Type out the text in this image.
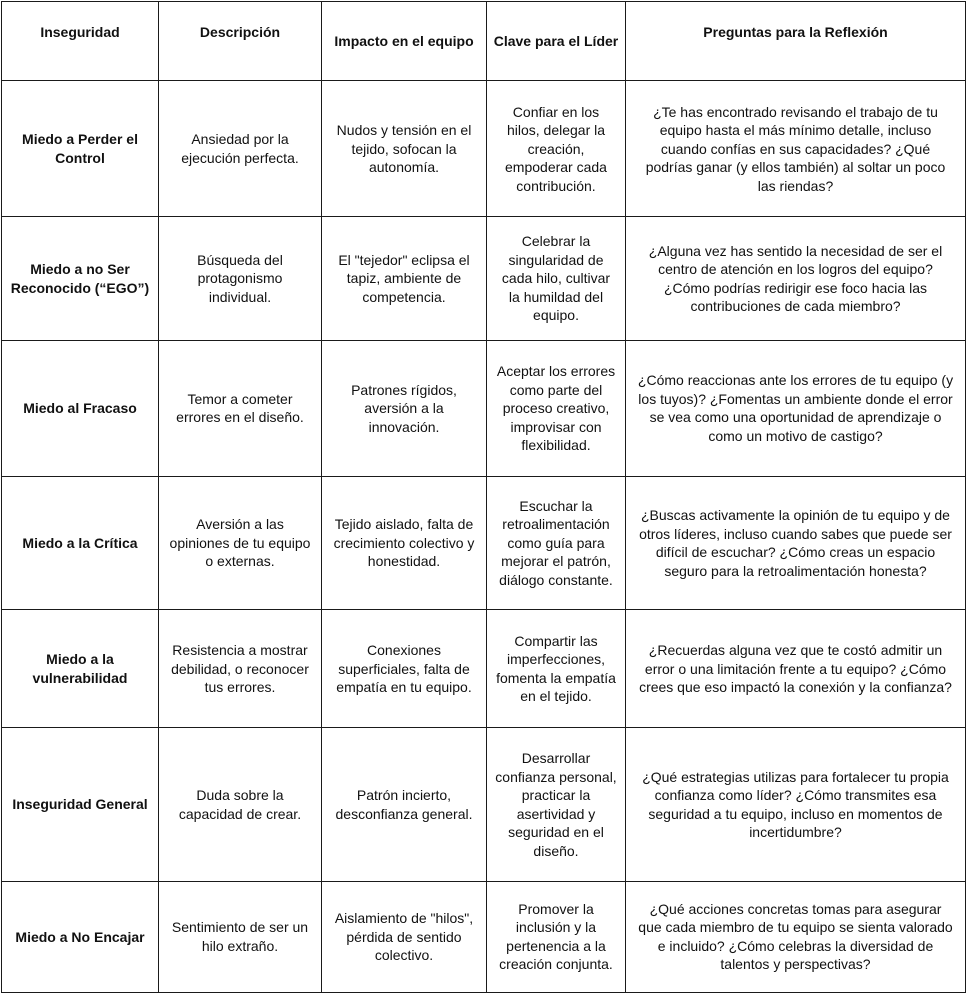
Inseguridad	Descripción	Impacto en el equipo	Clave para el Líder	Preguntas para la Reflexión
Miedo a Perder el Control	Ansiedad por la ejecución perfecta.	Nudos y tensión en el tejido, sofocan la autonomía.	Confiar en los hilos, delegar la creación, empoderar cada contribución.	¿Te has encontrado revisando el trabajo de tu equipo hasta el más mínimo detalle, incluso cuando confías en sus capacidades? ¿Qué podrías ganar (y ellos también) al soltar un poco las riendas?
Miedo a no Ser Reconocido (“EGO”)	Búsqueda del protagonismo individual.	El "tejedor" eclipsa el tapiz, ambiente de competencia.	Celebrar la singularidad de cada hilo, cultivar la humildad del equipo.	¿Alguna vez has sentido la necesidad de ser el centro de atención en los logros del equipo? ¿Cómo podrías redirigir ese foco hacia las contribuciones de cada miembro?
Miedo al Fracaso	Temor a cometer errores en el diseño.	Patrones rígidos, aversión a la innovación.	Aceptar los errores como parte del proceso creativo, improvisar con flexibilidad.	¿Cómo reaccionas ante los errores de tu equipo (y los tuyos)? ¿Fomentas un ambiente donde el error se vea como una oportunidad de aprendizaje o como un motivo de castigo?
Miedo a la Crítica	Aversión a las opiniones de tu equipo o externas.	Tejido aislado, falta de crecimiento colectivo y honestidad.	Escuchar la retroalimentación como guía para mejorar el patrón, diálogo constante.	¿Buscas activamente la opinión de tu equipo y de otros líderes, incluso cuando sabes que puede ser difícil de escuchar? ¿Cómo creas un espacio seguro para la retroalimentación honesta?
Miedo a la vulnerabilidad	Resistencia a mostrar debilidad, o reconocer tus errores.	Conexiones superficiales, falta de empatía en tu equipo.	Compartir las imperfecciones, fomenta la empatía en el tejido.	¿Recuerdas alguna vez que te costó admitir un error o una limitación frente a tu equipo? ¿Cómo crees que eso impactó la conexión y la confianza?
Inseguridad General	Duda sobre la capacidad de crear.	Patrón incierto, desconfianza general.	Desarrollar confianza personal, practicar la asertividad y seguridad en el diseño.	¿Qué estrategias utilizas para fortalecer tu propia confianza como líder? ¿Cómo transmites esa seguridad a tu equipo, incluso en momentos de incertidumbre?
Miedo a No Encajar	Sentimiento de ser un hilo extraño.	Aislamiento de "hilos", pérdida de sentido colectivo.	Promover la inclusión y la pertenencia a la creación conjunta.	¿Qué acciones concretas tomas para asegurar que cada miembro de tu equipo se sienta valorado e incluido? ¿Cómo celebras la diversidad de talentos y perspectivas?
